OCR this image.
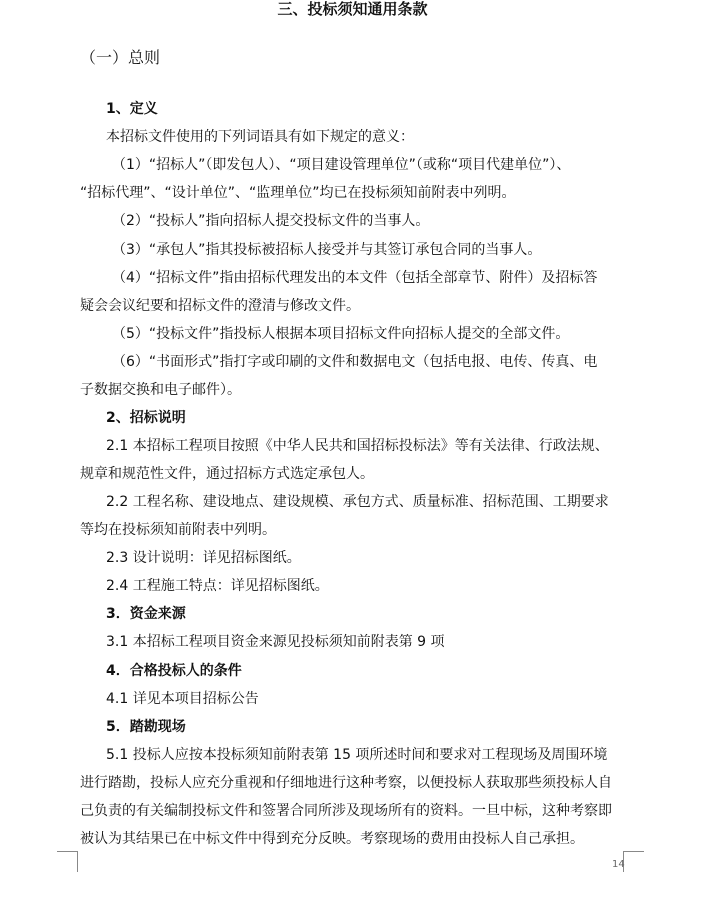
三、投标须知通用条款
（一）总则
1、定义
本招标文件使用的下列词语具有如下规定的意义：
（1）“招标人”（即发包人）、“项目建设管理单位”（或称“项目代建单位”）、
“招标代理”、“设计单位”、“监理单位”均已在投标须知前附表中列明。
（2）“投标人”指向招标人提交投标文件的当事人。
（3）“承包人”指其投标被招标人接受并与其签订承包合同的当事人。
（4）“招标文件”指由招标代理发出的本文件（包括全部章节、附件）及招标答
疑会会议纪要和招标文件的澄清与修改文件。
（5）“投标文件”指投标人根据本项目招标文件向招标人提交的全部文件。
（6）“书面形式”指打字或印刷的文件和数据电文（包括电报、电传、传真、电
子数据交换和电子邮件）。
2、招标说明
2.1 本招标工程项目按照《中华人民共和国招标投标法》等有关法律、行政法规、
规章和规范性文件，通过招标方式选定承包人。
2.2 工程名称、建设地点、建设规模、承包方式、质量标准、招标范围、工期要求
等均在投标须知前附表中列明。
2.3 设计说明：详见招标图纸。
2.4 工程施工特点：详见招标图纸。
3．资金来源
3.1 本招标工程项目资金来源见投标须知前附表第 9 项
4．合格投标人的条件
4.1 详见本项目招标公告
5．踏勘现场
5.1 投标人应按本投标须知前附表第 15 项所述时间和要求对工程现场及周围环境
进行踏勘，投标人应充分重视和仔细地进行这种考察，以便投标人获取那些须投标人自
己负责的有关编制投标文件和签署合同所涉及现场所有的资料。一旦中标，这种考察即
被认为其结果已在中标文件中得到充分反映。考察现场的费用由投标人自己承担。
14
